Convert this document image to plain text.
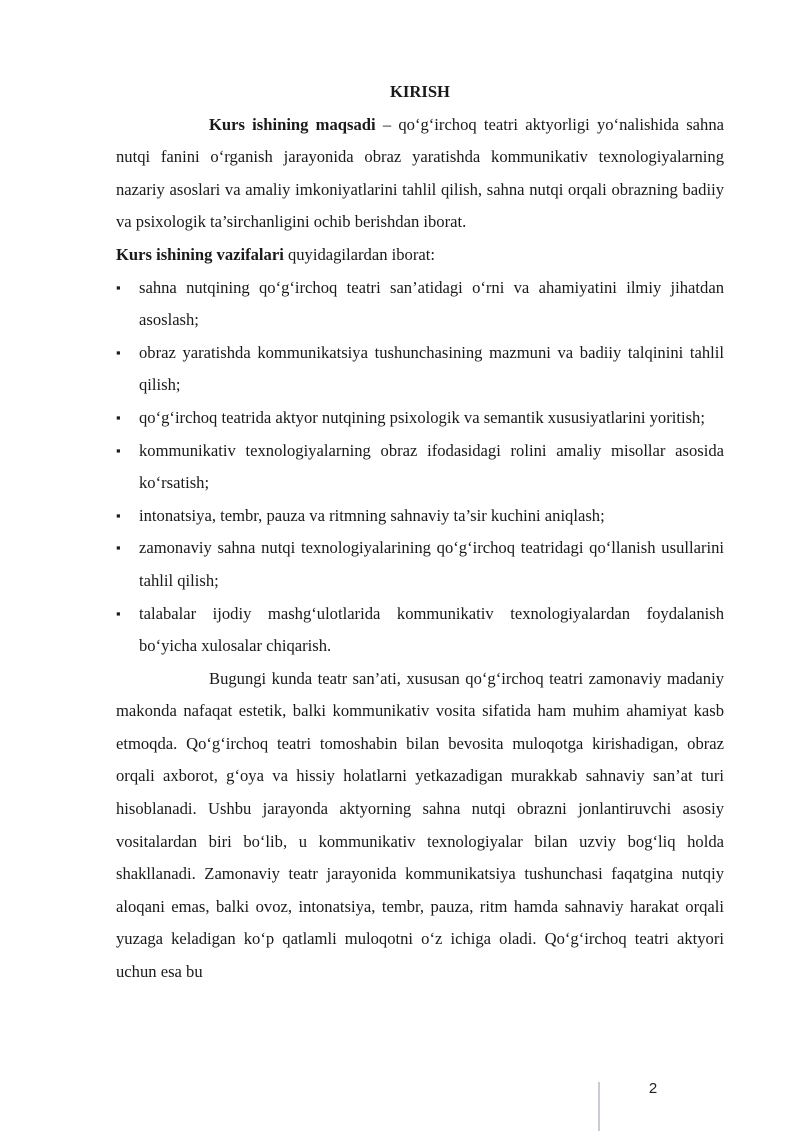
KIRISH

Kurs ishining maqsadi – qo‘g‘irchoq teatri aktyorligi yo‘nalishida sahna nutqi fanini o‘rganish jarayonida obraz yaratishda kommunikativ texnologiyalarning nazariy asoslari va amaliy imkoniyatlarini tahlil qilish, sahna nutqi orqali obrazning badiiy va psixologik ta’sirchanligini ochib berishdan iborat.

Kurs ishining vazifalari quyidagilardan iborat:

▪	sahna nutqining qo‘g‘irchoq teatri san’atidagi o‘rni va ahamiyatini ilmiy jihatdan asoslash;
▪	obraz yaratishda kommunikatsiya tushunchasining mazmuni va badiiy talqinini tahlil qilish;
▪	qo‘g‘irchoq teatrida aktyor nutqining psixologik va semantik xususiyatlarini yoritish;
▪	kommunikativ texnologiyalarning obraz ifodasidagi rolini amaliy misollar asosida ko‘rsatish;
▪	intonatsiya, tembr, pauza va ritmning sahnaviy ta’sir kuchini aniqlash;
▪	zamonaviy sahna nutqi texnologiyalarining qo‘g‘irchoq teatridagi qo‘llanish usullarini tahlil qilish;
▪	talabalar ijodiy mashg‘ulotlarida kommunikativ texnologiyalardan foydalanish bo‘yicha xulosalar chiqarish.

Bugungi kunda teatr san’ati, xususan qo‘g‘irchoq teatri zamonaviy madaniy makonda nafaqat estetik, balki kommunikativ vosita sifatida ham muhim ahamiyat kasb etmoqda. Qo‘g‘irchoq teatri tomoshabin bilan bevosita muloqotga kirishadigan, obraz orqali axborot, g‘oya va hissiy holatlarni yetkazadigan murakkab sahnaviy san’at turi hisoblanadi. Ushbu jarayonda aktyorning sahna nutqi obrazni jonlantiruvchi asosiy vositalardan biri bo‘lib, u kommunikativ texnologiyalar bilan uzviy bog‘liq holda shakllanadi. Zamonaviy teatr jarayonida kommunikatsiya tushunchasi faqatgina nutqiy aloqani emas, balki ovoz, intonatsiya, tembr, pauza, ritm hamda sahnaviy harakat orqali yuzaga keladigan ko‘p qatlamli muloqotni o‘z ichiga oladi. Qo‘g‘irchoq teatri aktyori uchun esa bu

2
